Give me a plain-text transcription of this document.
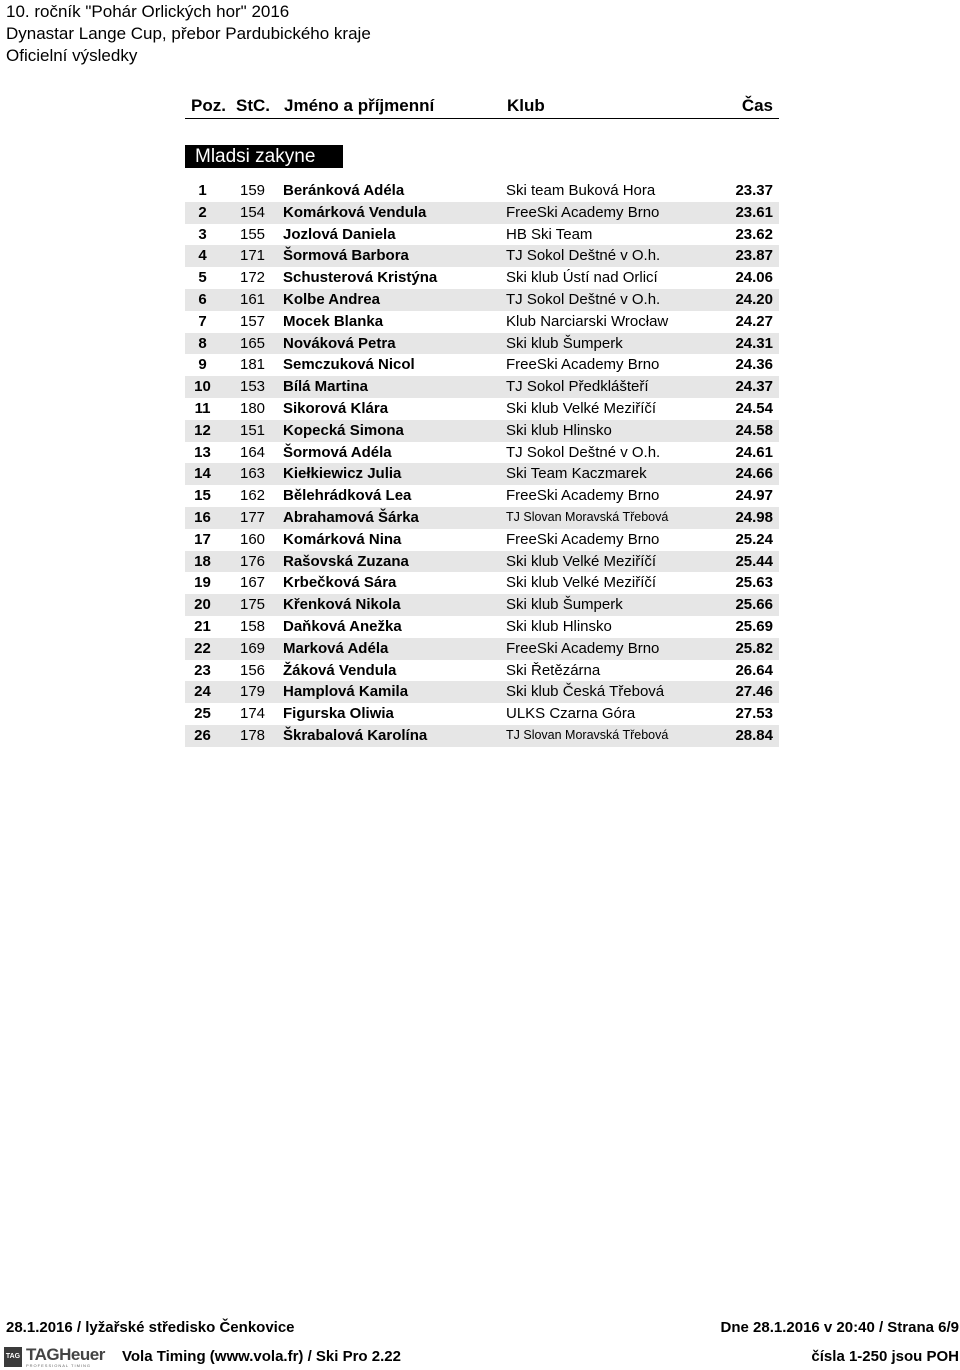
10. ročník "Pohár Orlických hor" 2016
Dynastar Lange Cup, přebor Pardubického kraje
Oficielní výsledky
Poz. StC. Jméno a příjmenní	Klub	Čas
Mladsi zakyne
1	159 Beránková Adéla	Ski team Buková Hora	23.37
2	154 Komárková Vendula	FreeSki Academy Brno	23.61
3	155 Jozlová Daniela	HB Ski Team	23.62
4	171 Šormová Barbora	TJ Sokol Deštné v O.h.	23.87
5	172 Schusterová Kristýna	Ski klub Ústí nad Orlicí	24.06
6	161 Kolbe Andrea	TJ Sokol Deštné v O.h.	24.20
7	157 Mocek Blanka	Klub Narciarski Wrocław	24.27
8	165 Nováková Petra	Ski klub Šumperk	24.31
9	181 Semczuková Nicol	FreeSki Academy Brno	24.36
10	153 Bílá Martina	TJ Sokol Předklášteří	24.37
11	180 Sikorová Klára	Ski klub Velké Meziříčí	24.54
12	151 Kopecká Simona	Ski klub Hlinsko	24.58
13	164 Šormová Adéla	TJ Sokol Deštné v O.h.	24.61
14	163 Kiełkiewicz Julia	Ski Team Kaczmarek	24.66
15	162 Bělehrádková Lea	FreeSki Academy Brno	24.97
16	177 Abrahamová Šárka	TJ Slovan Moravská Třebová	24.98
17	160 Komárková Nina	FreeSki Academy Brno	25.24
18	176 Rašovská Zuzana	Ski klub Velké Meziříčí	25.44
19	167 Krbečková Sára	Ski klub Velké Meziříčí	25.63
20	175 Křenková Nikola	Ski klub Šumperk	25.66
21	158 Daňková Anežka	Ski klub Hlinsko	25.69
22	169 Marková Adéla	FreeSki Academy Brno	25.82
23	156 Žáková Vendula	Ski Řetězárna	26.64
24	179 Hamplová Kamila	Ski klub Česká Třebová	27.46
25	174 Figurska Oliwia	ULKS Czarna Góra	27.53
26	178 Škrabalová Karolína	TJ Slovan Moravská Třebová	28.84
28.1.2016 / lyžařské středisko Čenkovice	Dne 28.1.2016 v 20:40 / Strana 6/9
TAG TAGHeuer
PROFESSIONAL TIMING
Vola Timing (www.vola.fr) / Ski Pro 2.22	čísla 1-250 jsou POH
